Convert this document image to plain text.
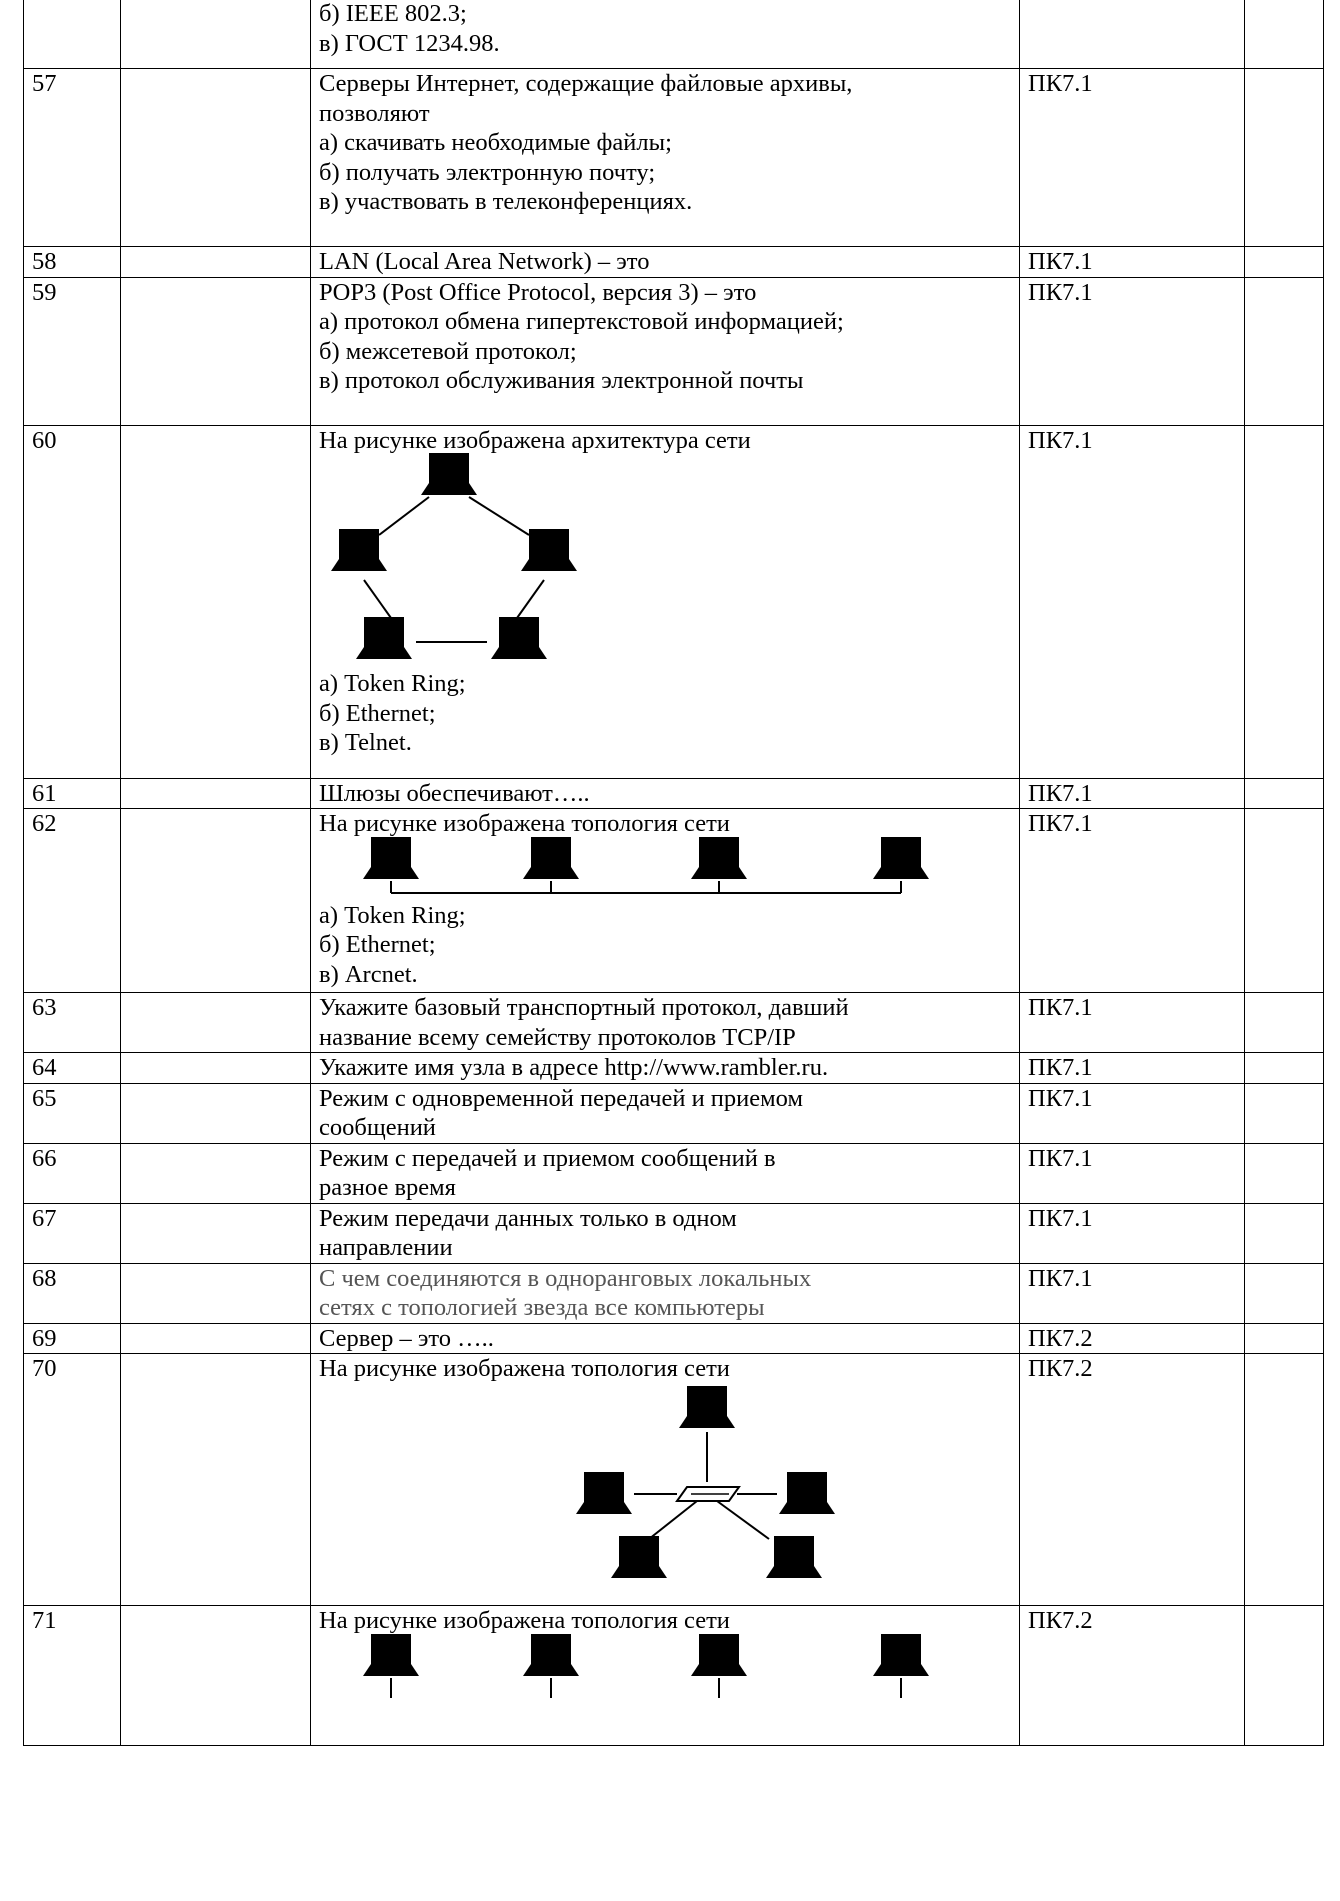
		б) IEEE 802.3;

в) ГОСТ 1234.98.		

57		Серверы Интернет, содержащие файловые архивы,

позволяют

а) скачивать необходимые файлы;

б) получать электронную почту;

в) участвовать в телеконференциях.	ПК7.1	
58		LAN (Local Area Network) – это	ПК7.1	
59		POP3 (Post Office Protocol, версия 3) – это

а) протокол обмена гипертекстовой информацией;

б) межсетевой протокол;

в) протокол обслуживания электронной почты	ПК7.1	
60		На рисунке изображена архитектура сети

а) Token Ring;

б) Ethernet;

в) Telnet.	ПК7.1	
61		Шлюзы обеспечивают…..	ПК7.1	
62		На рисунке изображена топология сети

а) Token Ring;

б) Ethernet;

в) Arcnet.	ПК7.1	
63		Укажите базовый транспортный протокол, давший

название всему семейству протоколов TCP/IP	ПК7.1	
64		Укажите имя узла в адресе http://www.rambler.ru.	ПК7.1	
65		Режим с одновременной передачей и приемом

сообщений	ПК7.1	
66		Режим с передачей и приемом сообщений в

разное время	ПК7.1	
67		Режим передачи данных только в одном

направлении	ПК7.1	
68		С чем соединяются в одноранговых локальных

сетях с топологией звезда все компьютеры	ПК7.1	
69		Сервер – это …..	ПК7.2	
70		На рисунке изображена топология сети	ПК7.2	
71		На рисунке изображена топология сети	ПК7.2	
